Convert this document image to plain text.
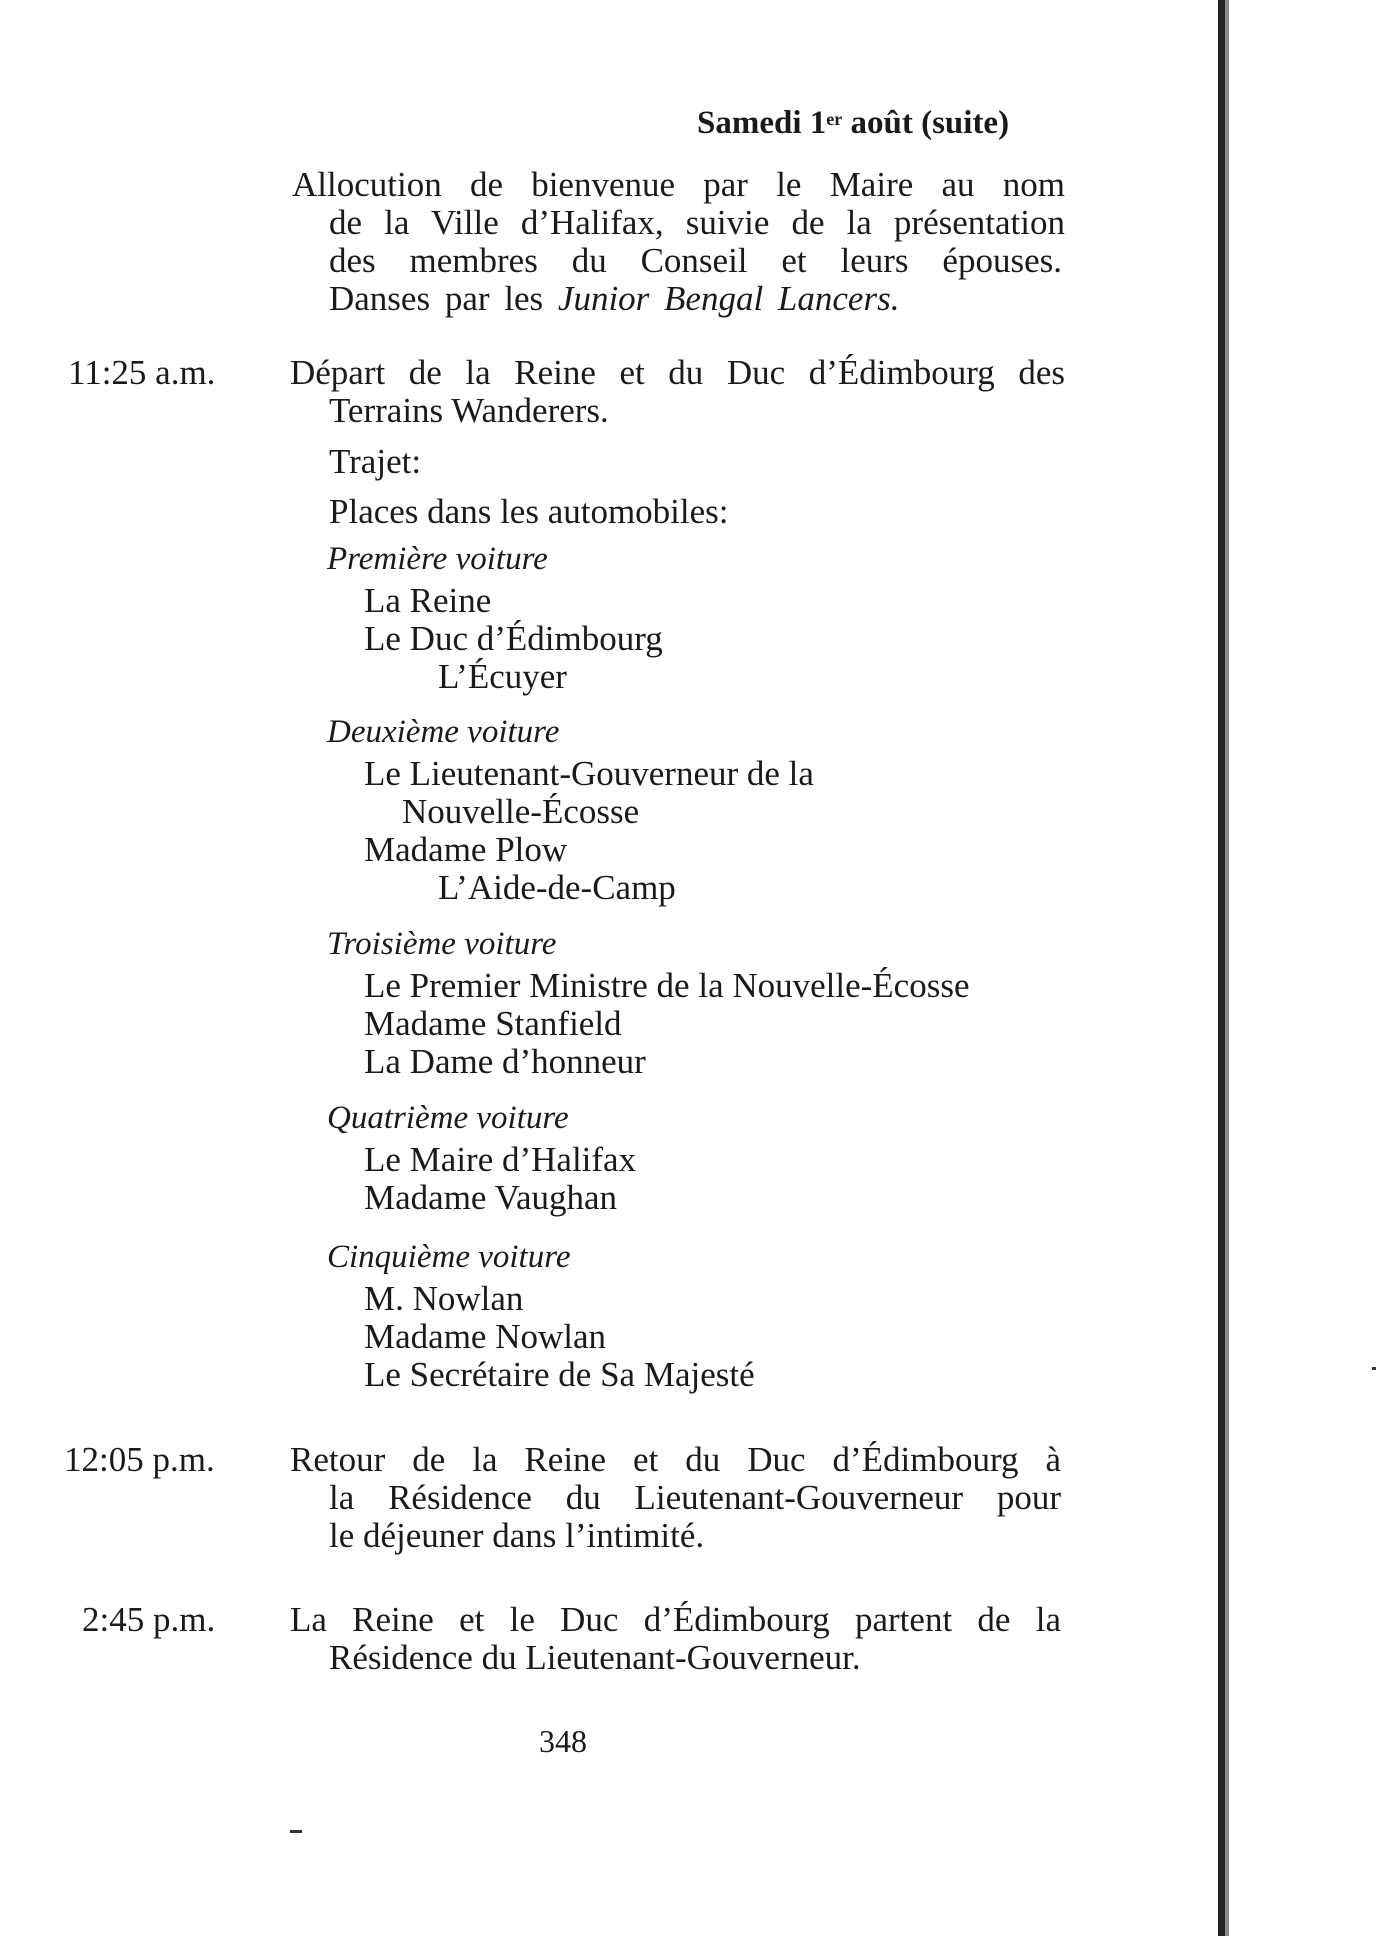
Samedi 1er août (suite)
Allocution de bienvenue par le Maire au nom
de la Ville d’Halifax, suivie de la présentation
des membres du Conseil et leurs épouses.
Danses par les Junior Bengal Lancers.
11:25 a.m. Départ de la Reine et du Duc d’Édimbourg des
Terrains Wanderers.
Trajet:
Places dans les automobiles:
Première voiture
La Reine
Le Duc d’Édimbourg
L’Écuyer
Deuxième voiture
Le Lieutenant-Gouverneur de la
Nouvelle-Écosse
Madame Plow
L’Aide-de-Camp
Troisième voiture
Le Premier Ministre de la Nouvelle-Écosse
Madame Stanfield
La Dame d’honneur
Quatrième voiture
Le Maire d’Halifax
Madame Vaughan
Cinquième voiture
M. Nowlan
Madame Nowlan
Le Secrétaire de Sa Majesté
12:05 p.m. Retour de la Reine et du Duc d’Édimbourg à
la Résidence du Lieutenant-Gouverneur pour
le déjeuner dans l’intimité.
2:45 p.m. La Reine et le Duc d’Édimbourg partent de la
Résidence du Lieutenant-Gouverneur.
348
